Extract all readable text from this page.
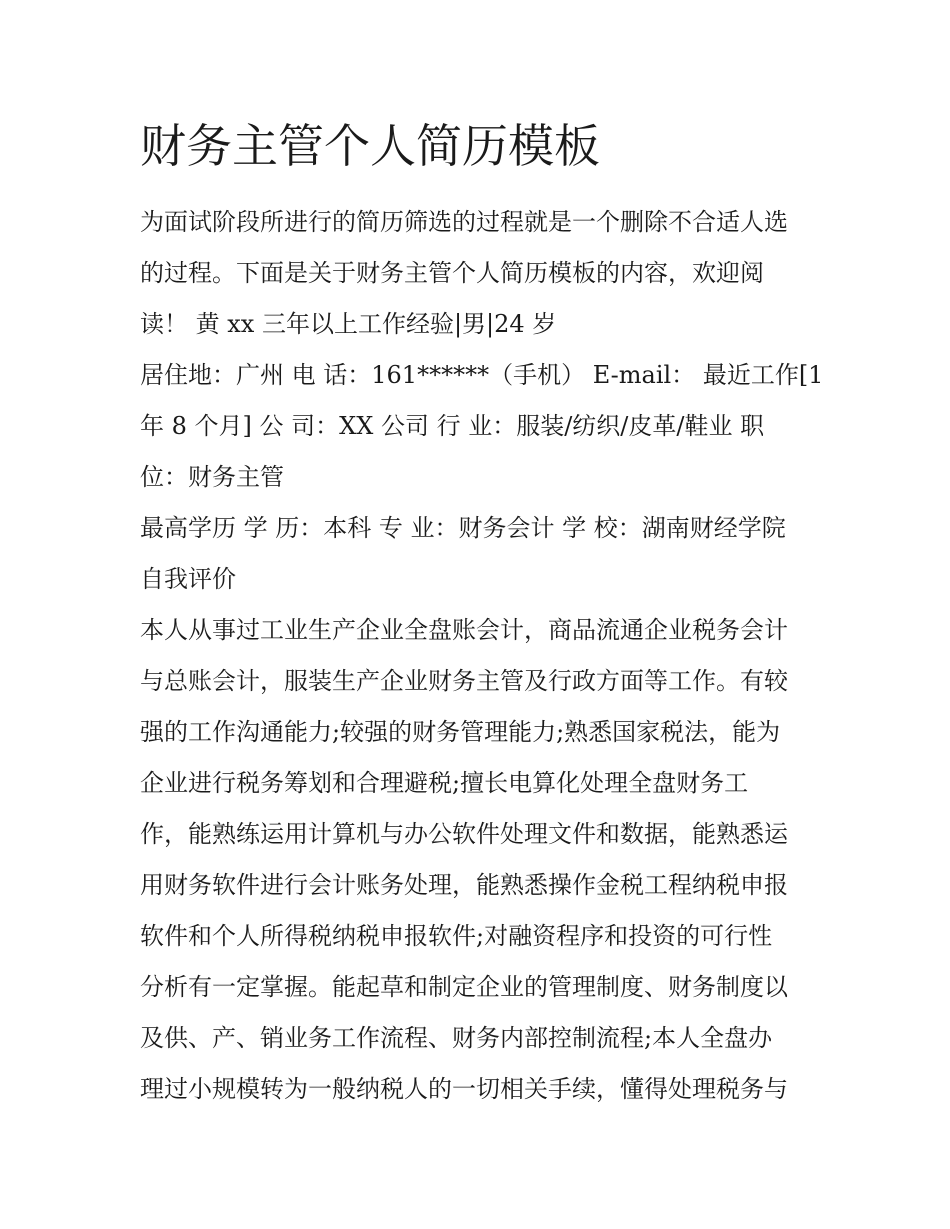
财务主管个人简历模板

为面试阶段所进行的简历筛选的过程就是一个删除不合适人选
的过程。下面是关于财务主管个人简历模板的内容，欢迎阅
读！ 黄 xx 三年以上工作经验|男|24 岁

居住地：广州 电 话：161******（手机） E-mail： 最近工作[1
年 8 个月] 公 司：XX 公司 行 业：服装/纺织/皮革/鞋业 职
位：财务主管

最高学历 学 历：本科 专 业：财务会计 学 校：湖南财经学院

自我评价

本人从事过工业生产企业全盘账会计，商品流通企业税务会计
与总账会计，服装生产企业财务主管及行政方面等工作。有较
强的工作沟通能力;较强的财务管理能力;熟悉国家税法，能为
企业进行税务筹划和合理避税;擅长电算化处理全盘财务工
作，能熟练运用计算机与办公软件处理文件和数据，能熟悉运
用财务软件进行会计账务处理，能熟悉操作金税工程纳税申报
软件和个人所得税纳税申报软件;对融资程序和投资的可行性
分析有一定掌握。能起草和制定企业的管理制度、财务制度以
及供、产、销业务工作流程、财务内部控制流程;本人全盘办
理过小规模转为一般纳税人的一切相关手续，懂得处理税务与
